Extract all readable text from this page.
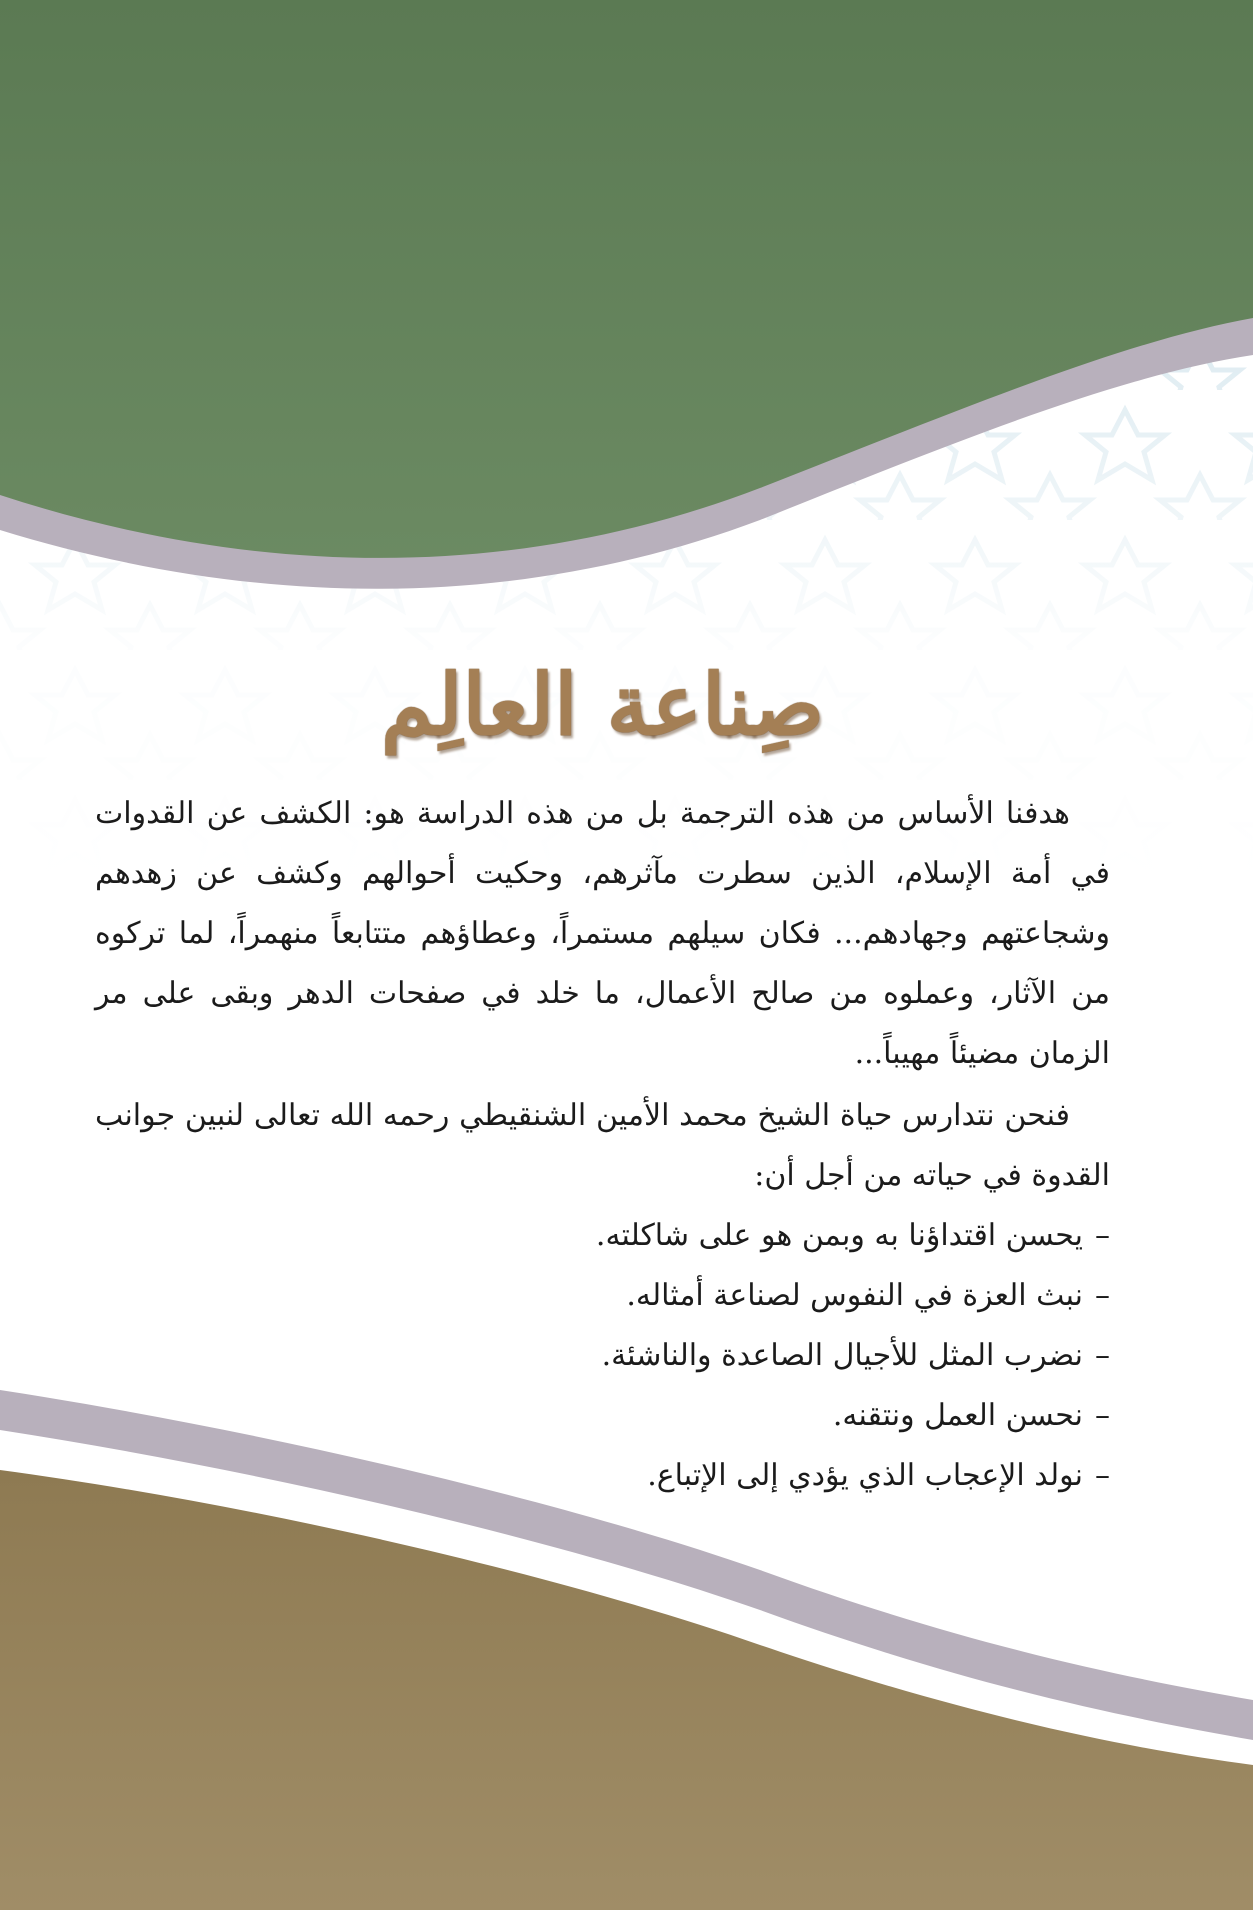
صِناعة العالِم

هدفنا الأساس من هذه الترجمة بل من هذه الدراسة هو: الكشف عن القدوات في أمة الإسلام، الذين سطرت مآثرهم، وحكيت أحوالهم وكشف عن زهدهم وشجاعتهم وجهادهم... فكان سيلهم مستمراً، وعطاؤهم متتابعاً منهمراً، لما تركوه من الآثار، وعملوه من صالح الأعمال، ما خلد في صفحات الدهر وبقى على مر الزمان مضيئاً مهيباً...

فنحن نتدارس حياة الشيخ محمد الأمين الشنقيطي رحمه الله تعالى لنبين جوانب القدوة في حياته من أجل أن:

–يحسن اقتداؤنا به وبمن هو على شاكلته.
–نبث العزة في النفوس لصناعة أمثاله.
–نضرب المثل للأجيال الصاعدة والناشئة.
–نحسن العمل ونتقنه.
–نولد الإعجاب الذي يؤدي إلى الإتباع.
